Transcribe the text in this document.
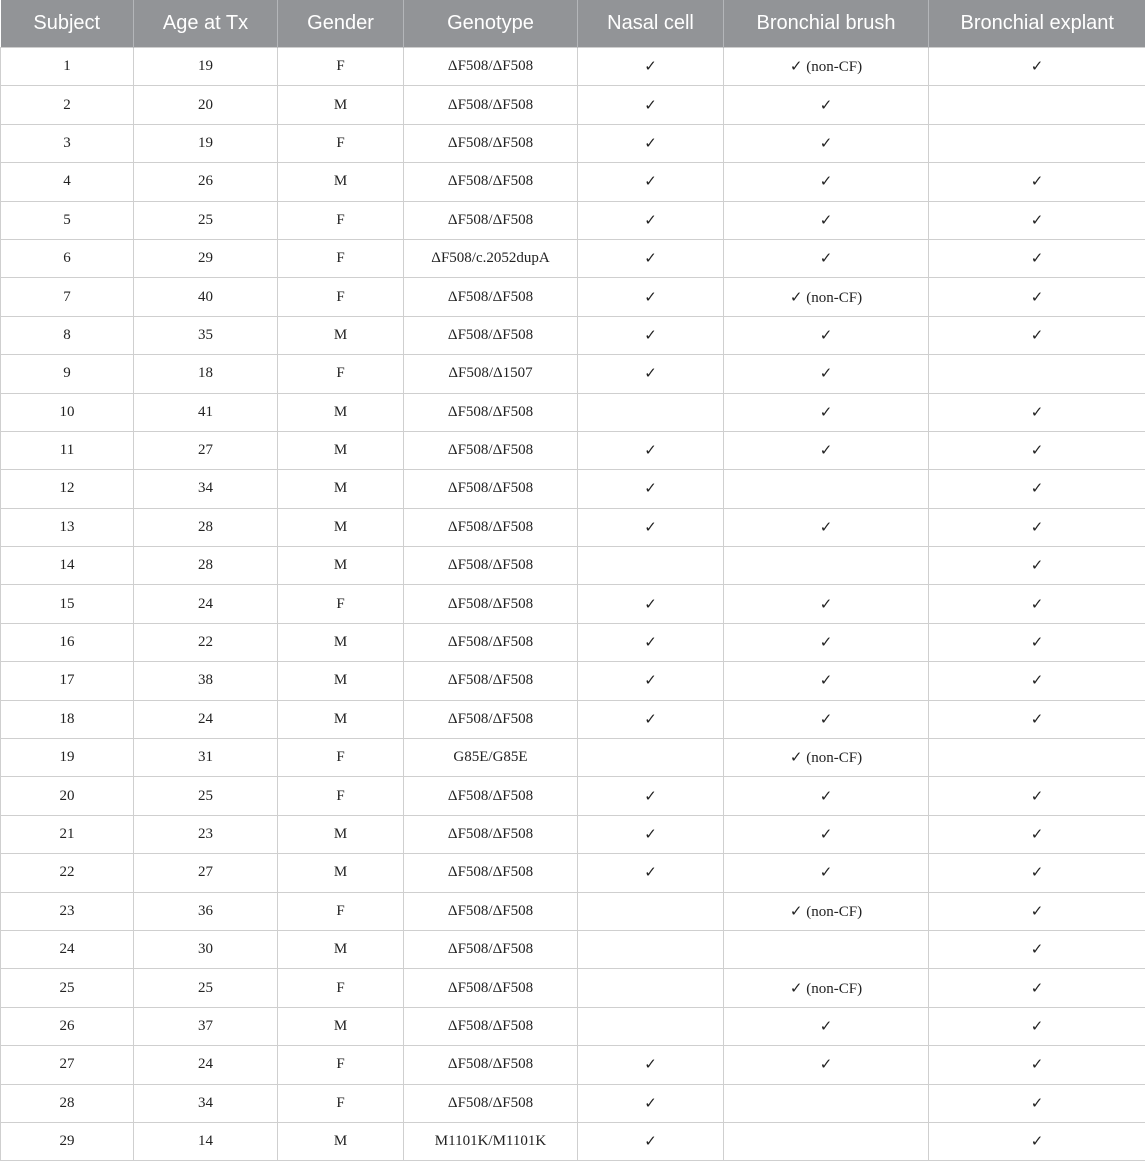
Subject	Age at Tx	Gender	Genotype	Nasal cell	Bronchial brush	Bronchial explant
1	19	F	ΔF508/ΔF508	✓	✓ (non-CF)	✓
2	20	M	ΔF508/ΔF508	✓	✓	
3	19	F	ΔF508/ΔF508	✓	✓	
4	26	M	ΔF508/ΔF508	✓	✓	✓
5	25	F	ΔF508/ΔF508	✓	✓	✓
6	29	F	ΔF508/c.2052dupA	✓	✓	✓
7	40	F	ΔF508/ΔF508	✓	✓ (non-CF)	✓
8	35	M	ΔF508/ΔF508	✓	✓	✓
9	18	F	ΔF508/Δ1507	✓	✓	
10	41	M	ΔF508/ΔF508		✓	✓
11	27	M	ΔF508/ΔF508	✓	✓	✓
12	34	M	ΔF508/ΔF508	✓		✓
13	28	M	ΔF508/ΔF508	✓	✓	✓
14	28	M	ΔF508/ΔF508			✓
15	24	F	ΔF508/ΔF508	✓	✓	✓
16	22	M	ΔF508/ΔF508	✓	✓	✓
17	38	M	ΔF508/ΔF508	✓	✓	✓
18	24	M	ΔF508/ΔF508	✓	✓	✓
19	31	F	G85E/G85E		✓ (non-CF)	
20	25	F	ΔF508/ΔF508	✓	✓	✓
21	23	M	ΔF508/ΔF508	✓	✓	✓
22	27	M	ΔF508/ΔF508	✓	✓	✓
23	36	F	ΔF508/ΔF508		✓ (non-CF)	✓
24	30	M	ΔF508/ΔF508			✓
25	25	F	ΔF508/ΔF508		✓ (non-CF)	✓
26	37	M	ΔF508/ΔF508		✓	✓
27	24	F	ΔF508/ΔF508	✓	✓	✓
28	34	F	ΔF508/ΔF508	✓		✓
29	14	M	M1101K/M1101K	✓		✓
